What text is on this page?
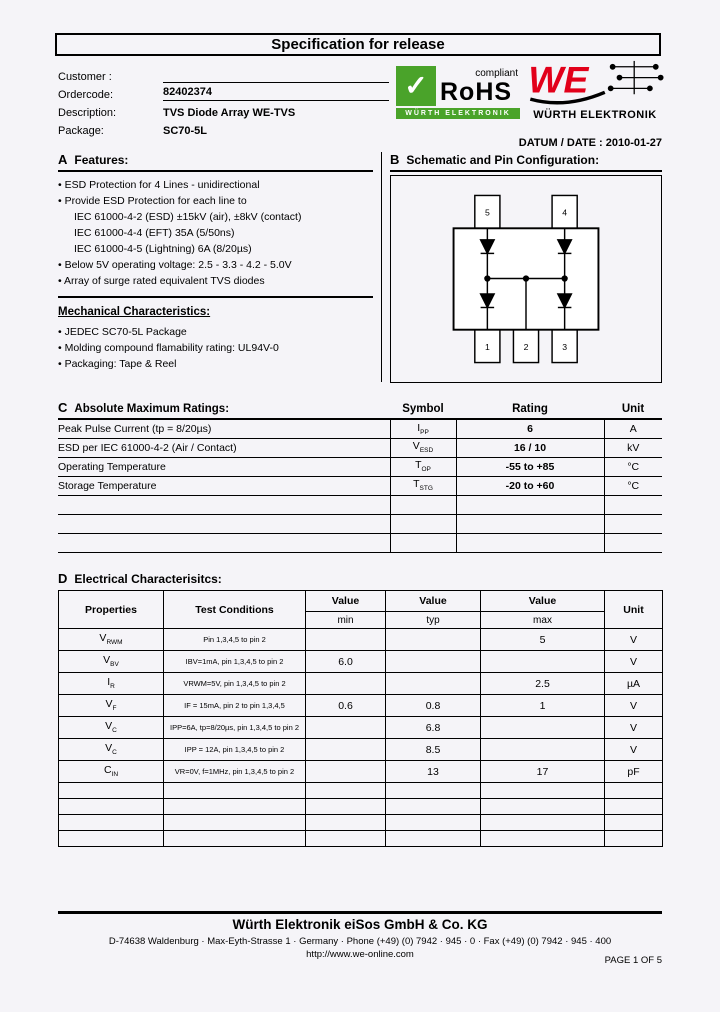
Specification for release
Customer :
Ordercode:	82402374
Description:	TVS Diode Array WE-TVS
Package:	SC70-5L
✓	compliant
RoHS
WÜRTH ELEKTRONIK
WE
WÜRTH ELEKTRONIK
DATUM / DATE : 2010-01-27
A Features:
• ESD Protection for 4 Lines - unidirectional
• Provide ESD Protection for each line to
IEC 61000-4-2 (ESD) ±15kV (air), ±8kV (contact)
IEC 61000-4-4 (EFT) 35A (5/50ns)
IEC 61000-4-5 (Lightning) 6A (8/20µs)
• Below 5V operating voltage: 2.5 - 3.3 - 4.2 - 5.0V
• Array of surge rated equivalent TVS diodes
Mechanical Characteristics:
• JEDEC SC70-5L Package
• Molding compound flamability rating: UL94V-0
• Packaging: Tape & Reel
B Schematic and Pin Configuration:
5	4
1	2	3
C Absolute Maximum Ratings:	Symbol	Rating	Unit
Peak Pulse Current (tp = 8/20µs)	$I_{PP}$	6	A
ESD per IEC 61000-4-2 (Air / Contact)	$V_{ESD}$	16 / 10	kV
Operating Temperature	$T_{OP}$	-55 to +85	°C
Storage Temperature	$T_{STG}$	-20 to +60	°C

D Electrical Characterisitcs:
Properties	Test Conditions	Value	Value	Value	Unit
		min	typ	max	
$V_{RWM}$	Pin 1,3,4,5 to pin 2			5	V
$V_{BV}$	IBV=1mA, pin 1,3,4,5 to pin 2	6.0			V
$I_R$	VRWM=5V, pin 1,3,4,5 to pin 2			2.5	µA
$V_F$	IF = 15mA, pin 2 to pin 1,3,4,5	0.6	0.8	1	V
$V_C$	IPP=6A, tp=8/20µs, pin 1,3,4,5 to pin 2		6.8		V
$V_C$	IPP = 12A, pin 1,3,4,5 to pin 2		8.5		V
$C_{IN}$	VR=0V, f=1MHz, pin 1,3,4,5 to pin 2		13	17	pF

Würth Elektronik eiSos GmbH & Co. KG
D-74638 Waldenburg · Max-Eyth-Strasse 1 · Germany · Phone (+49) (0) 7942 · 945 · 0 · Fax (+49) (0) 7942 · 945 · 400
http://www.we-online.com
PAGE 1 OF 5
